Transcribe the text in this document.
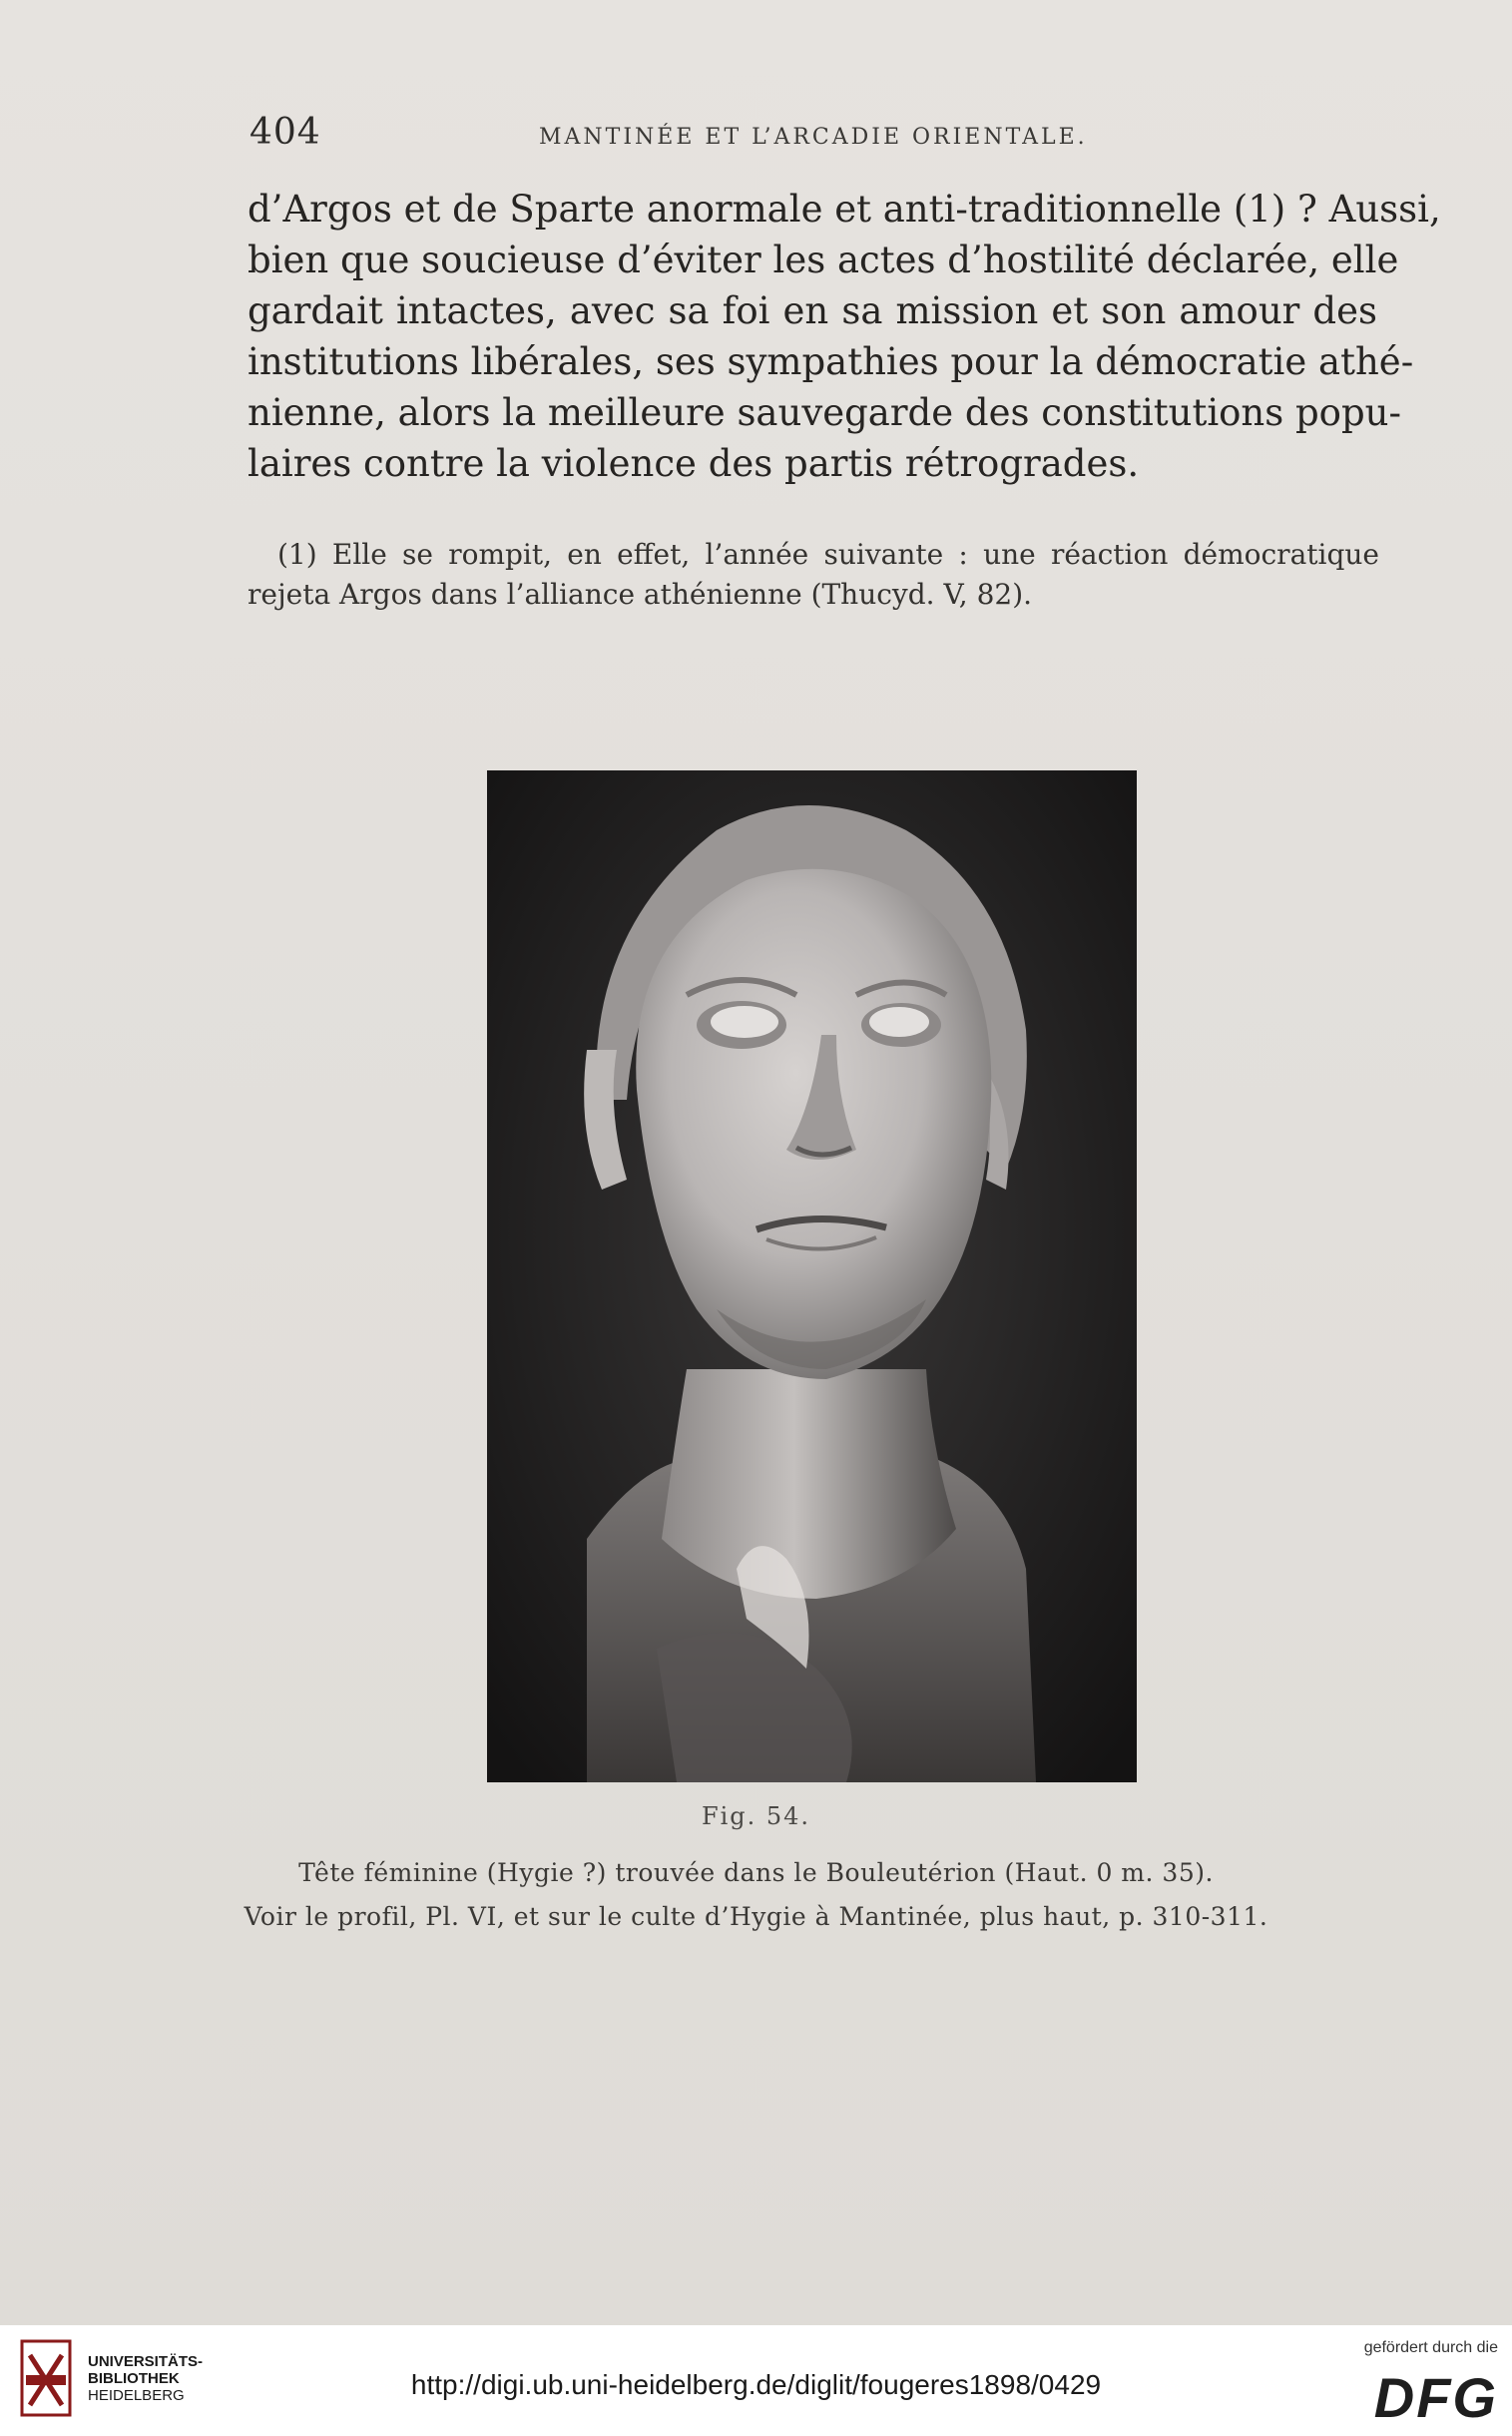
404	MANTINÉE ET L’ARCADIE ORIENTALE.
d’Argos et de Sparte anormale et anti-traditionnelle (1) ? Aussi,
bien que soucieuse d’éviter les actes d’hostilité déclarée, elle
gardait intactes, avec sa foi en sa mission et son amour des
institutions libérales, ses sympathies pour la démocratie athé-
nienne, alors la meilleure sauvegarde des constitutions popu-
laires contre la violence des partis rétrogrades.
(1) Elle se rompit, en effet, l’année suivante : une réaction démocratique
rejeta Argos dans l’alliance athénienne (Thucyd. V, 82).
Fig. 54.
Tête féminine (Hygie ?) trouvée dans le Bouleutérion (Haut. 0 m. 35).
Voir le profil, Pl. VI, et sur le culte d’Hygie à Mantinée, plus haut, p. 310-311.
UNIVERSITÄTS-
BIBLIOTHEK
HEIDELBERG	http://digi.ub.uni-heidelberg.de/diglit/fougeres1898/0429
gefördert durch die
DFG
